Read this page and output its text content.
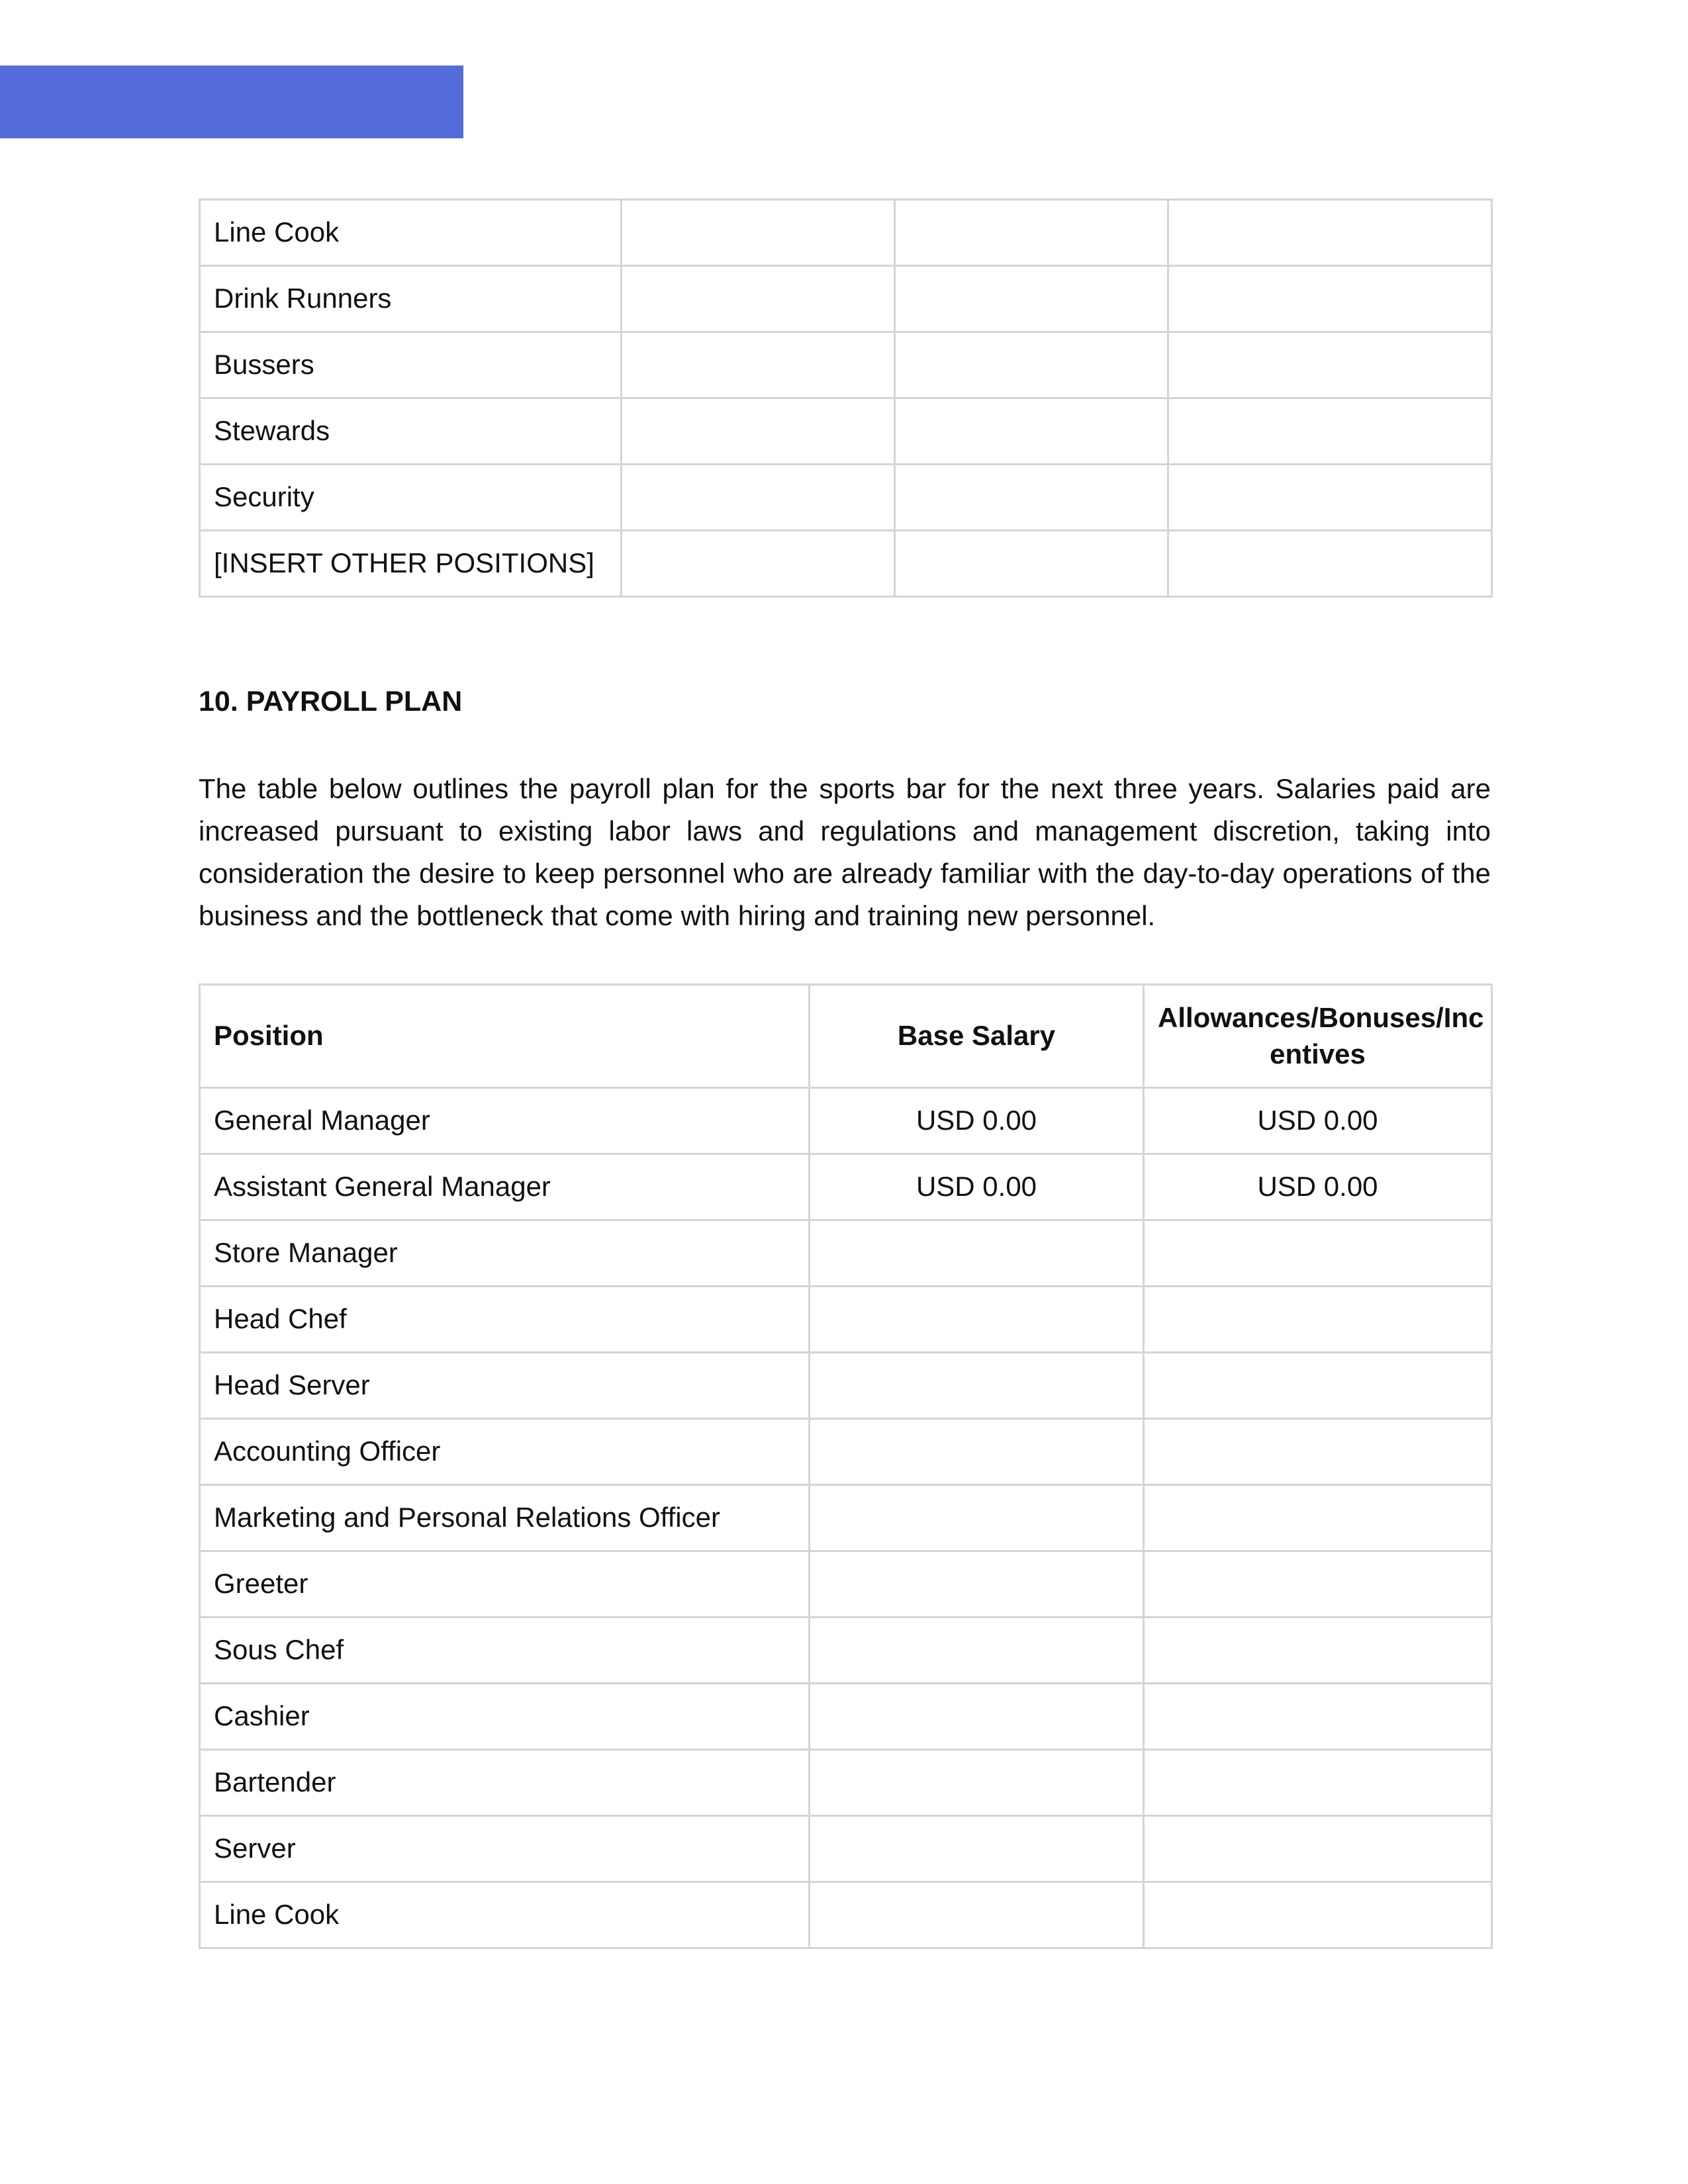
Line Cook			
Drink Runners			
Bussers			
Stewards			
Security			
[INSERT OTHER POSITIONS]			
10. PAYROLL PLAN

The table below outlines the payroll plan for the sports bar for the next three years. Salaries paid are increased pursuant to existing labor laws and regulations and management discretion, taking into consideration the desire to keep personnel who are already familiar with the day-to-day operations of the business and the bottleneck that come with hiring and training new personnel.

Position	Base Salary	Allowances/Bonuses/Inc entives
General Manager	USD 0.00	USD 0.00
Assistant General Manager	USD 0.00	USD 0.00
Store Manager		
Head Chef		
Head Server		
Accounting Officer		
Marketing and Personal Relations Officer		
Greeter		
Sous Chef		
Cashier		
Bartender		
Server		
Line Cook		
